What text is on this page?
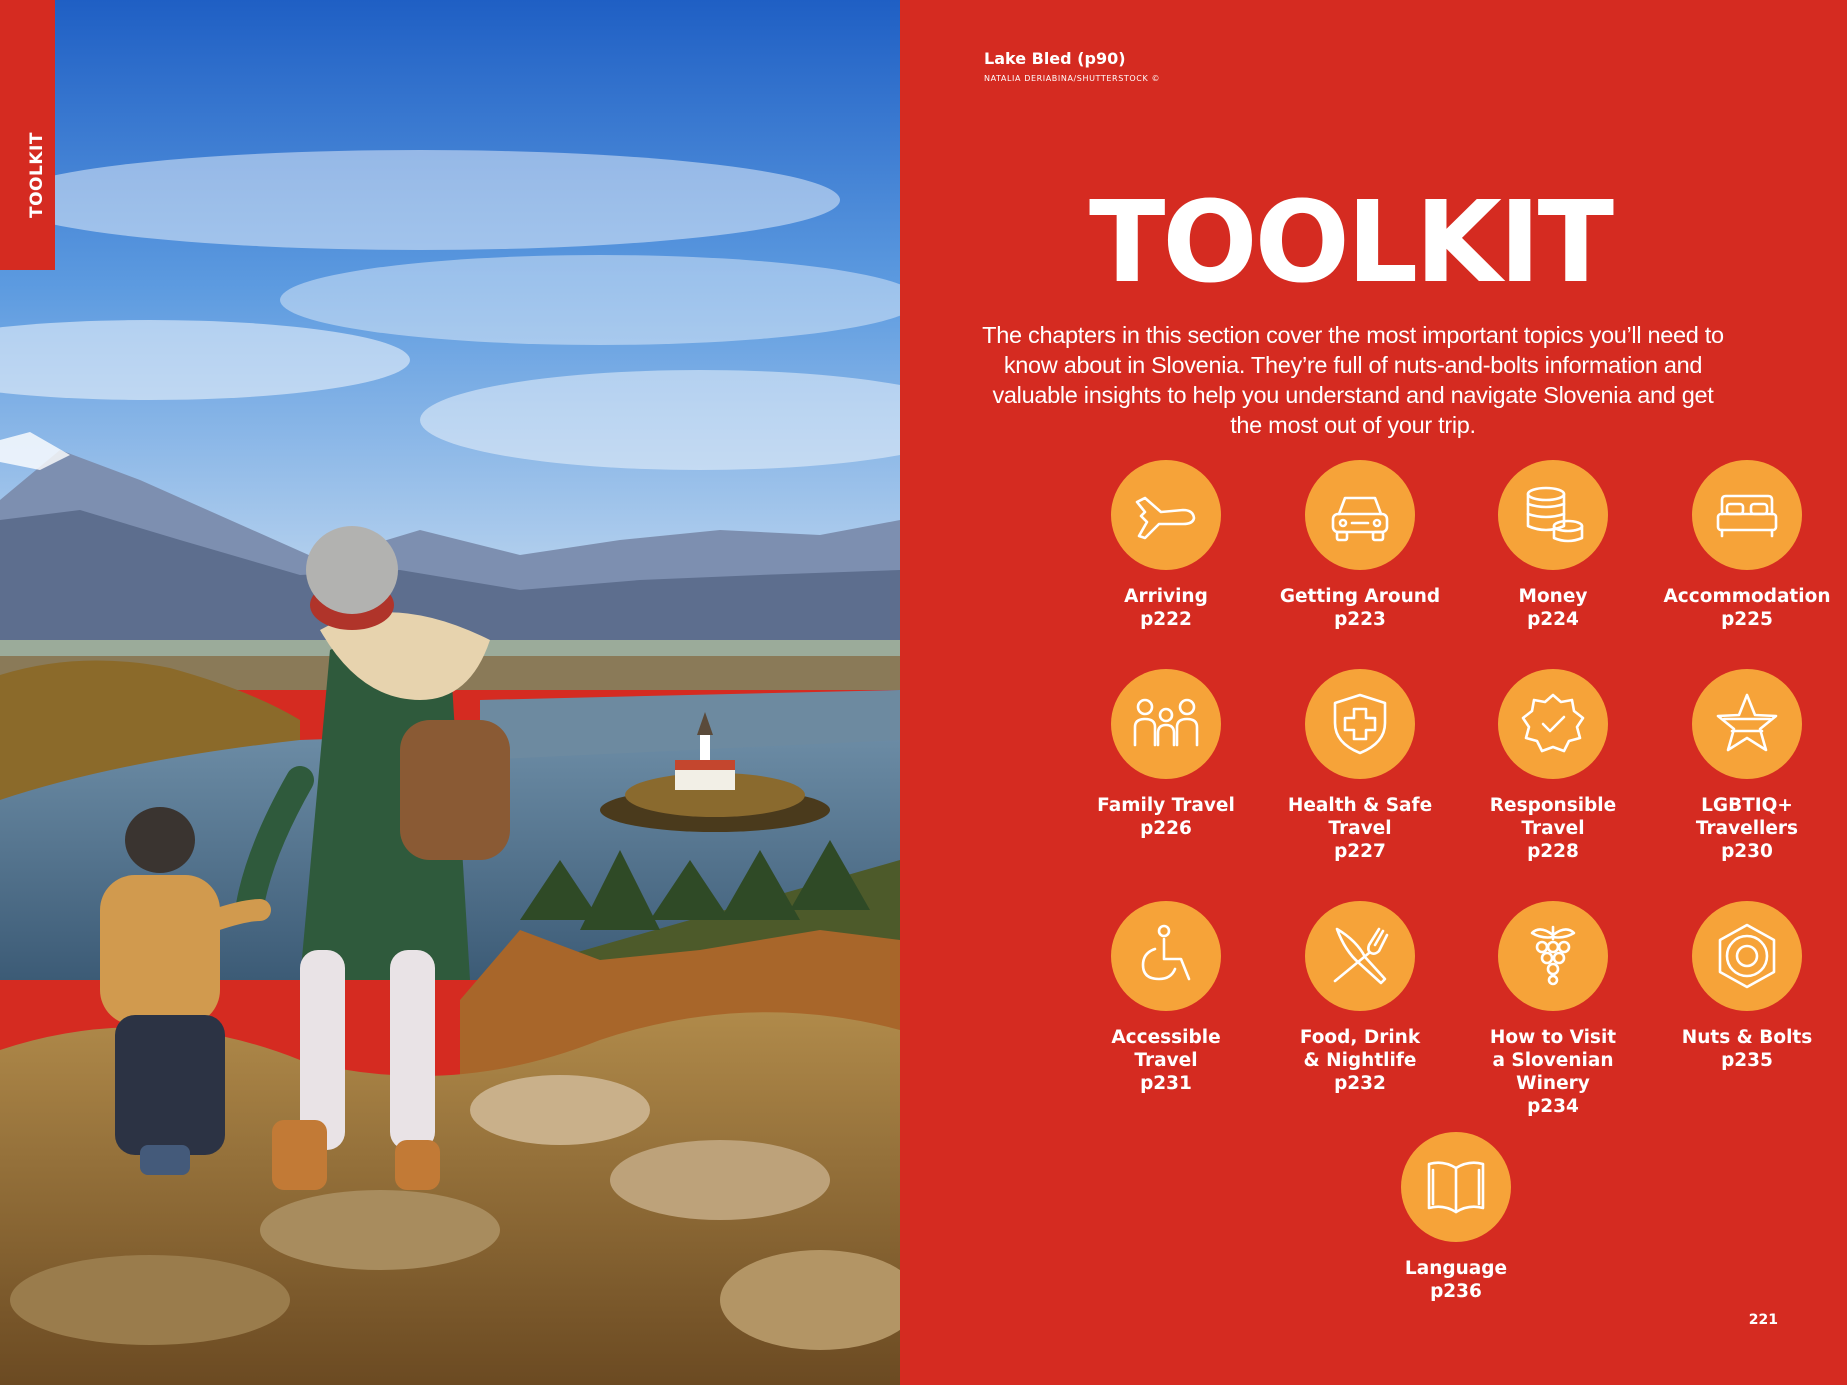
TOOLKIT
Lake Bled (p90)
NATALIA DERIABINA/SHUTTERSTOCK ©
TOOLKIT
The chapters in this section cover the most important topics you’ll need to know about in Slovenia. They’re full of nuts-and-bolts information and valuable insights to help you understand and navigate Slovenia and get the most out of your trip.
Arriving
p222
Getting Around
p223
Money
p224
Accommodation
p225
Family Travel
p226
Health & Safe
Travel
p227
Responsible
Travel
p228
LGBTIQ+
Travellers
p230
Accessible
Travel
p231
Food, Drink
& Nightlife
p232
How to Visit
a Slovenian
Winery
p234
Nuts & Bolts
p235
Language
p236
221
